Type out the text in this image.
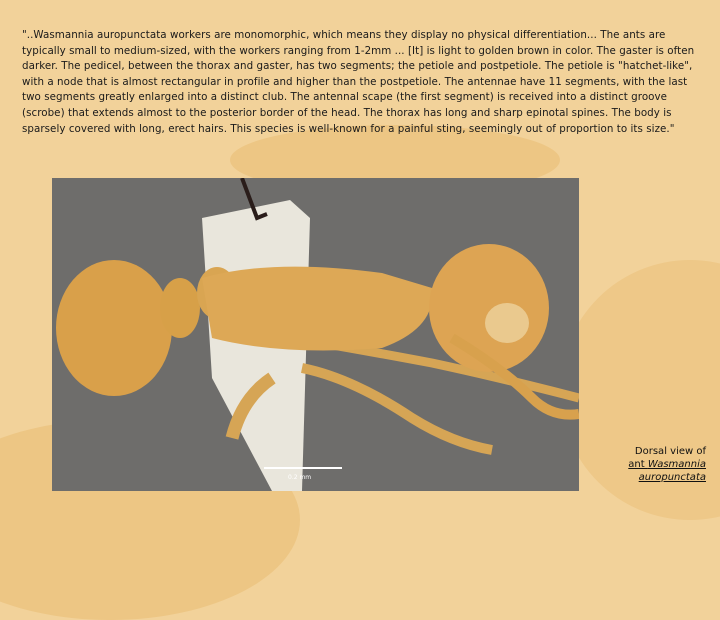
"..Wasmannia auropunctata workers are monomorphic, which means they display no physical differentiation... The ants are typically small to medium-sized, with the workers ranging from 1-2mm ... [It] is light to golden brown in color. The gaster is often darker. The pedicel, between the thorax and gaster, has two segments; the petiole and postpetiole. The petiole is "hatchet-like", with a node that is almost rectangular in profile and higher than the postpetiole. The antennae have 11 segments, with the last two segments greatly enlarged into a distinct club. The antennal scape (the first segment) is received into a distinct groove (scrobe) that extends almost to the posterior border of the head. The thorax has long and sharp epinotal spines. The body is sparsely covered with long, erect hairs. This species is well-known for a painful sting, seemingly out of proportion to its size."

0.2 mm
Dorsal view of
ant Wasmannia
auropunctata
